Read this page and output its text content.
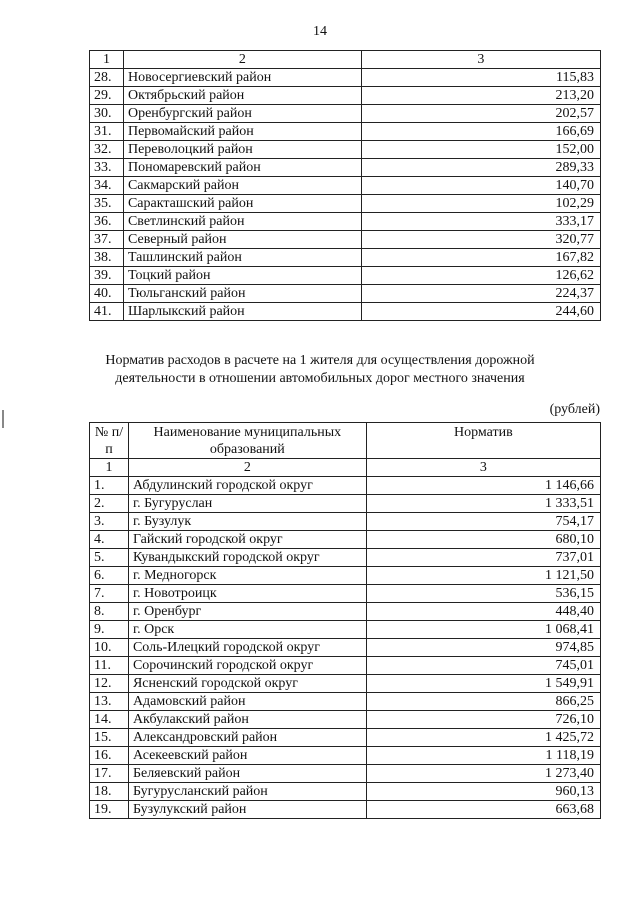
14
1	2	3
28.	Новосергиевский район	115,83
29.	Октябрьский район	213,20
30.	Оренбургский район	202,57
31.	Первомайский район	166,69
32.	Переволоцкий район	152,00
33.	Пономаревский район	289,33
34.	Сакмарский район	140,70
35.	Саракташский район	102,29
36.	Светлинский район	333,17
37.	Северный район	320,77
38.	Ташлинский район	167,82
39.	Тоцкий район	126,62
40.	Тюльганский район	224,37
41.	Шарлыкский район	244,60
Норматив расходов в расчете на 1 жителя для осуществления дорожной
деятельности в отношении автомобильных дорог местного значения
(рублей)
№ п/п	Наименование муниципальных образований	Норматив
1	2	3
1.	Абдулинский городской округ	1 146,66
2.	г. Бугуруслан	1 333,51
3.	г. Бузулук	754,17
4.	Гайский городской округ	680,10
5.	Кувандыкский городской округ	737,01
6.	г. Медногорск	1 121,50
7.	г. Новотроицк	536,15
8.	г. Оренбург	448,40
9.	г. Орск	1 068,41
10.	Соль-Илецкий городской округ	974,85
11.	Сорочинский городской округ	745,01
12.	Ясненский городской округ	1 549,91
13.	Адамовский район	866,25
14.	Акбулакский район	726,10
15.	Александровский район	1 425,72
16.	Асекеевский район	1 118,19
17.	Беляевский район	1 273,40
18.	Бугурусланский район	960,13
19.	Бузулукский район	663,68
